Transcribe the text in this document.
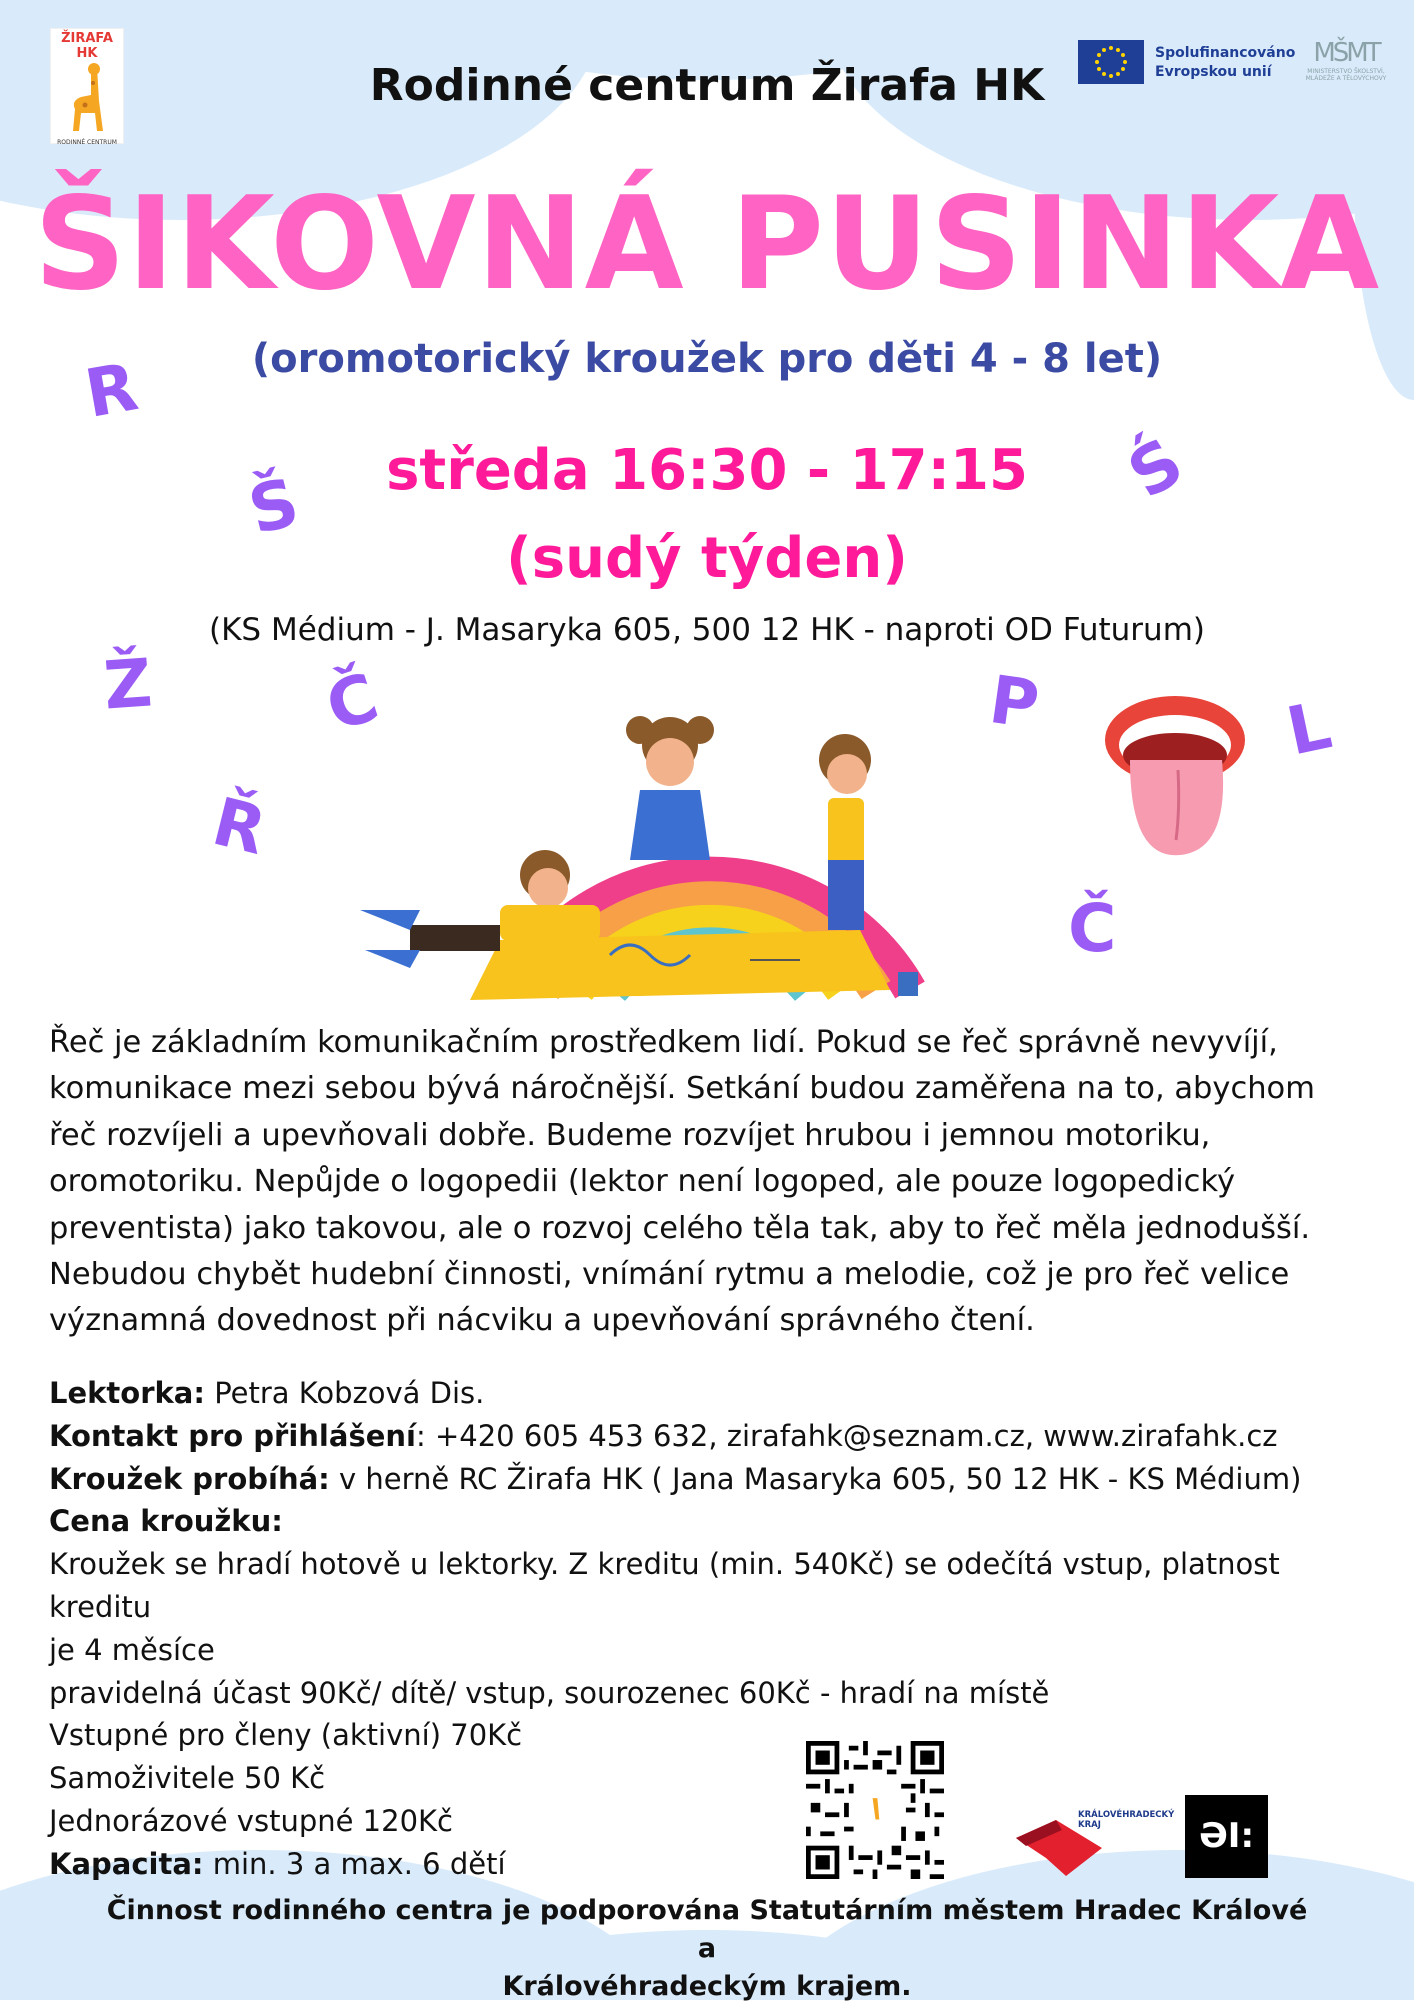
ŽIRAFA HK
RODINNÉ CENTRUM
Spolufinancováno
Evropskou unií
MŠMT
MINISTERSTVO ŠKOLSTVÍ, MLÁDEŽE A TĚLOVÝCHOVY
Rodinné centrum Žirafa HK
ŠIKOVNÁ PUSINKA
(oromotorický kroužek pro děti 4 - 8 let)
středa 16:30 - 17:15
(sudý týden)
(KS Médium - J. Masaryka 605, 500 12 HK - naproti OD Futurum)
R
Š	Ś
Ž Č	P	L
Ř
Č
Řeč je základním komunikačním prostředkem lidí. Pokud se řeč správně nevyvíjí,
komunikace mezi sebou bývá náročnější. Setkání budou zaměřena na to, abychom
řeč rozvíjeli a upevňovali dobře. Budeme rozvíjet hrubou i jemnou motoriku,
oromotoriku. Nepůjde o logopedii (lektor není logoped, ale pouze logopedický
preventista) jako takovou, ale o rozvoj celého těla tak, aby to řeč měla jednodušší.
Nebudou chybět hudební činnosti, vnímání rytmu a melodie, což je pro řeč velice
významná dovednost při nácviku a upevňování správného čtení.
Lektorka: Petra Kobzová Dis.
Kontakt pro přihlášení: +420 605 453 632, zirafahk@seznam.cz, www.zirafahk.cz
Kroužek probíhá: v herně RC Žirafa HK ( Jana Masaryka 605, 50 12 HK - KS Médium)
Cena kroužku:
Kroužek se hradí hotově u lektorky. Z kreditu (min. 540Kč) se odečítá vstup, platnost kreditu
je 4 měsíce
pravidelná účast 90Kč/ dítě/ vstup, sourozenec 60Kč - hradí na místě
Vstupné pro členy (aktivní) 70Kč
Samoživitele 50 Kč
Jednorázové vstupné 120Kč
Kapacita: min. 3 a max. 6 dětí
KRÁLOVÉHRADECKÝ
KRAJ	ƏI:
Činnost rodinného centra je podporována Statutárním městem Hradec Králové a
Královéhradeckým krajem.
